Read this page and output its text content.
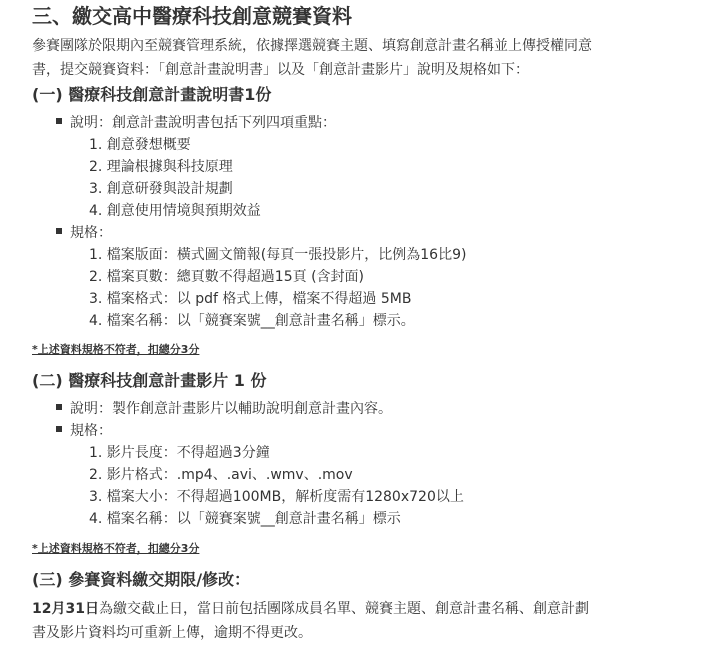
三、繳交高中醫療科技創意競賽資料

參賽團隊於限期內至競賽管理系統，依據擇選競賽主題、填寫創意計畫名稱並上傳授權同意
書，提交競賽資料：「創意計畫說明書」以及「創意計畫影片」說明及規格如下：

(一) 醫療科技創意計畫說明書1份

說明：創意計畫說明書包括下列四項重點：

1. 創意發想概要

2. 理論根據與科技原理

3. 創意研發與設計規劃

4. 創意使用情境與預期效益

規格：

1. 檔案版面：橫式圖文簡報(每頁一張投影片，比例為16比9)

2. 檔案頁數：總頁數不得超過15頁 (含封面)

3. 檔案格式：以 pdf 格式上傳，檔案不得超過 5MB

4. 檔案名稱：以「競賽案號__創意計畫名稱」標示。

*上述資料規格不符者，扣總分3分

(二) 醫療科技創意計畫影片 1 份

說明：製作創意計畫影片以輔助說明創意計畫內容。

規格：

1. 影片長度：不得超過3分鐘

2. 影片格式：.mp4、.avi、.wmv、.mov

3. 檔案大小：不得超過100MB，解析度需有1280x720以上

4. 檔案名稱：以「競賽案號__創意計畫名稱」標示

*上述資料規格不符者，扣總分3分

(三) 參賽資料繳交期限/修改：

12月31日為繳交截止日，當日前包括團隊成員名單、競賽主題、創意計畫名稱、創意計劃
書及影片資料均可重新上傳，逾期不得更改。
